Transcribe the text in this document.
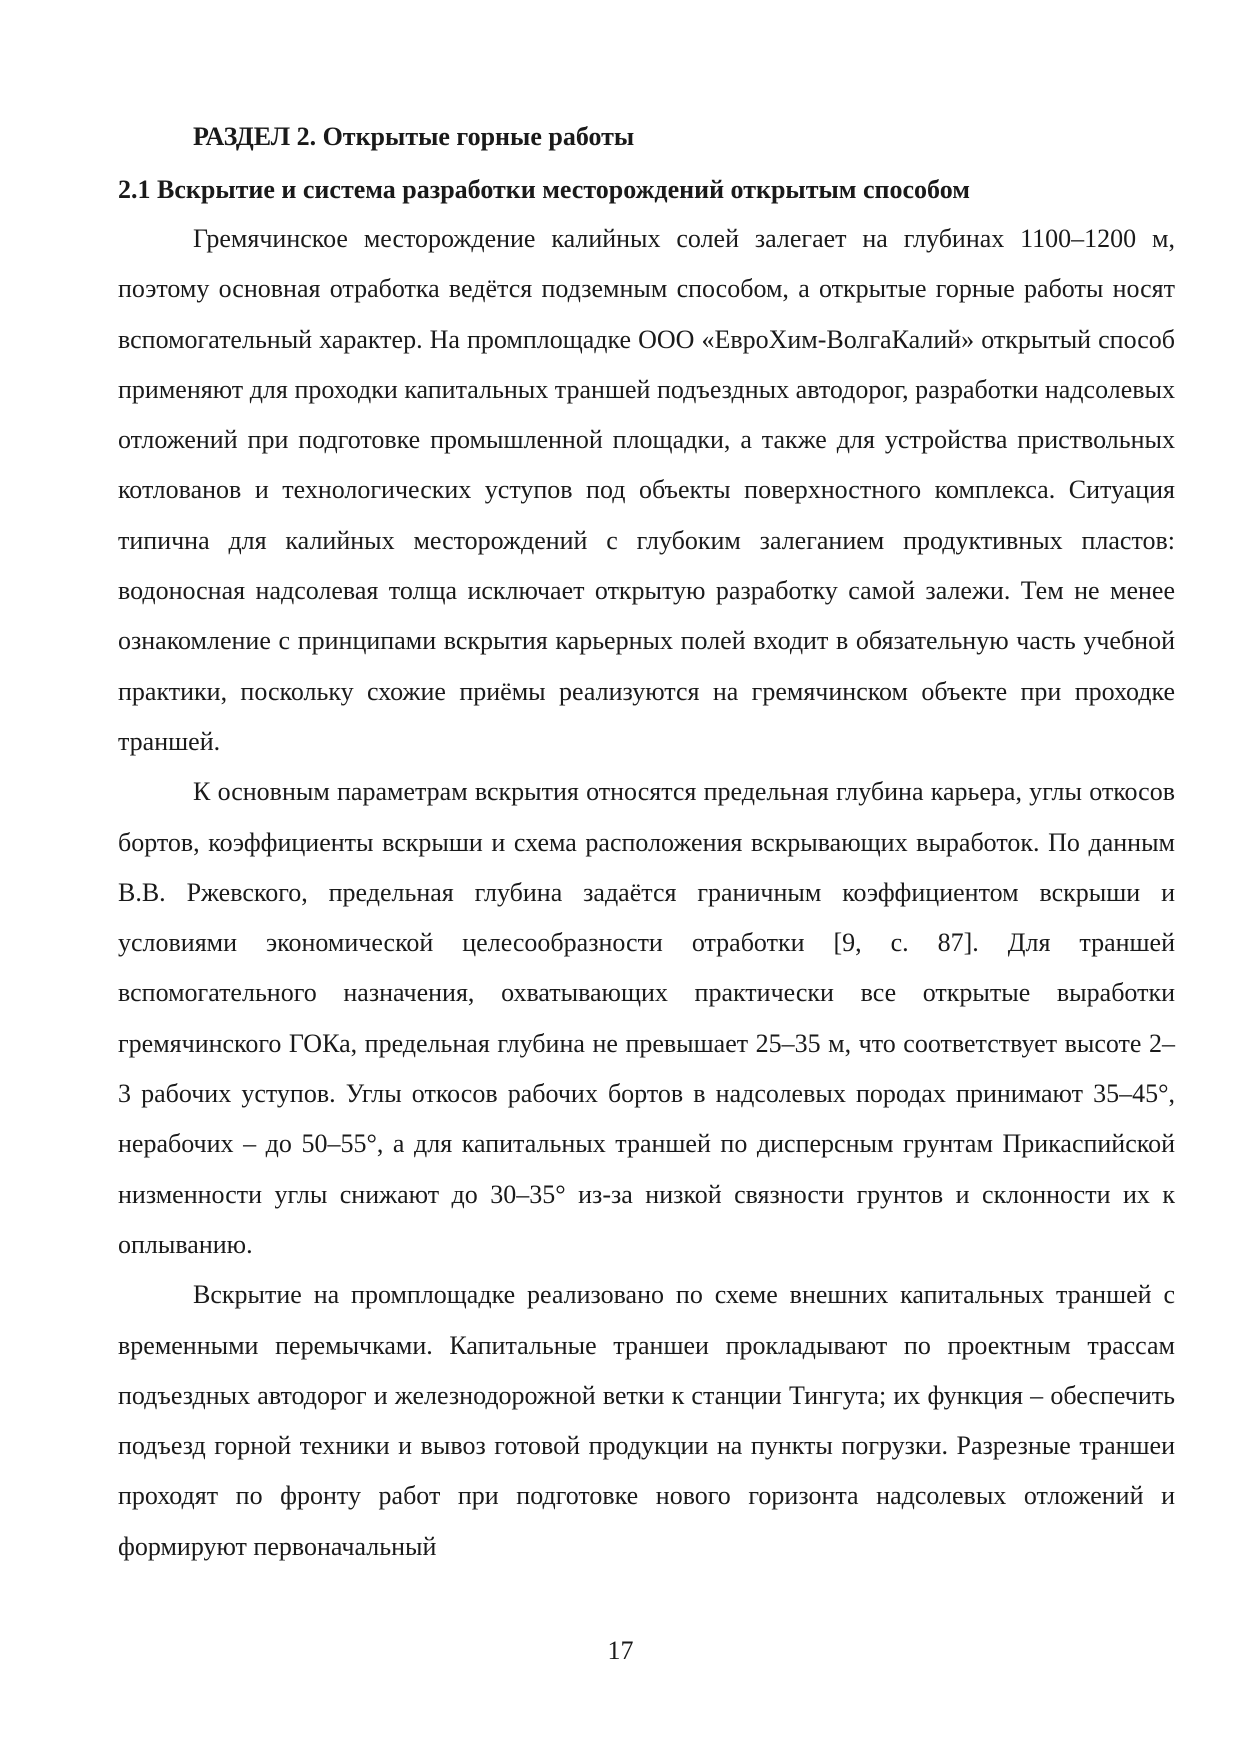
РАЗДЕЛ 2. Открытые горные работы
2.1 Вскрытие и система разработки месторождений открытым способом

Гремячинское месторождение калийных солей залегает на глубинах 1100–1200 м, поэтому основная отработка ведётся подземным способом, а открытые горные работы носят вспомогательный характер. На промплощадке ООО «ЕвроХим-ВолгаКалий» открытый способ применяют для проходки капитальных траншей подъездных автодорог, разработки надсолевых отложений при подготовке промышленной площадки, а также для устройства приствольных котлованов и технологических уступов под объекты поверхностного комплекса. Ситуация типична для калийных месторождений с глубоким залеганием продуктивных пластов: водоносная надсолевая толща исключает открытую разработку самой залежи. Тем не менее ознакомление с принципами вскрытия карьерных полей входит в обязательную часть учебной практики, поскольку схожие приёмы реализуются на гремячинском объекте при проходке траншей.

К основным параметрам вскрытия относятся предельная глубина карьера, углы откосов бортов, коэффициенты вскрыши и схема расположения вскрывающих выработок. По данным В.В. Ржевского, предельная глубина задаётся граничным коэффициентом вскрыши и условиями экономической целесообразности отработки [9, с. 87]. Для траншей вспомогательного назначения, охватывающих практически все открытые выработки гремячинского ГОКа, предельная глубина не превышает 25–35 м, что соответствует высоте 2–3 рабочих уступов. Углы откосов рабочих бортов в надсолевых породах принимают 35–45°, нерабочих – до 50–55°, а для капитальных траншей по дисперсным грунтам Прикаспийской низменности углы снижают до 30–35° из-за низкой связности грунтов и склонности их к оплыванию.

Вскрытие на промплощадке реализовано по схеме внешних капитальных траншей с временными перемычками. Капитальные траншеи прокладывают по проектным трассам подъездных автодорог и железнодорожной ветки к станции Тингута; их функция – обеспечить подъезд горной техники и вывоз готовой продукции на пункты погрузки. Разрезные траншеи проходят по фронту работ при подготовке нового горизонта надсолевых отложений и формируют первоначальный

17
